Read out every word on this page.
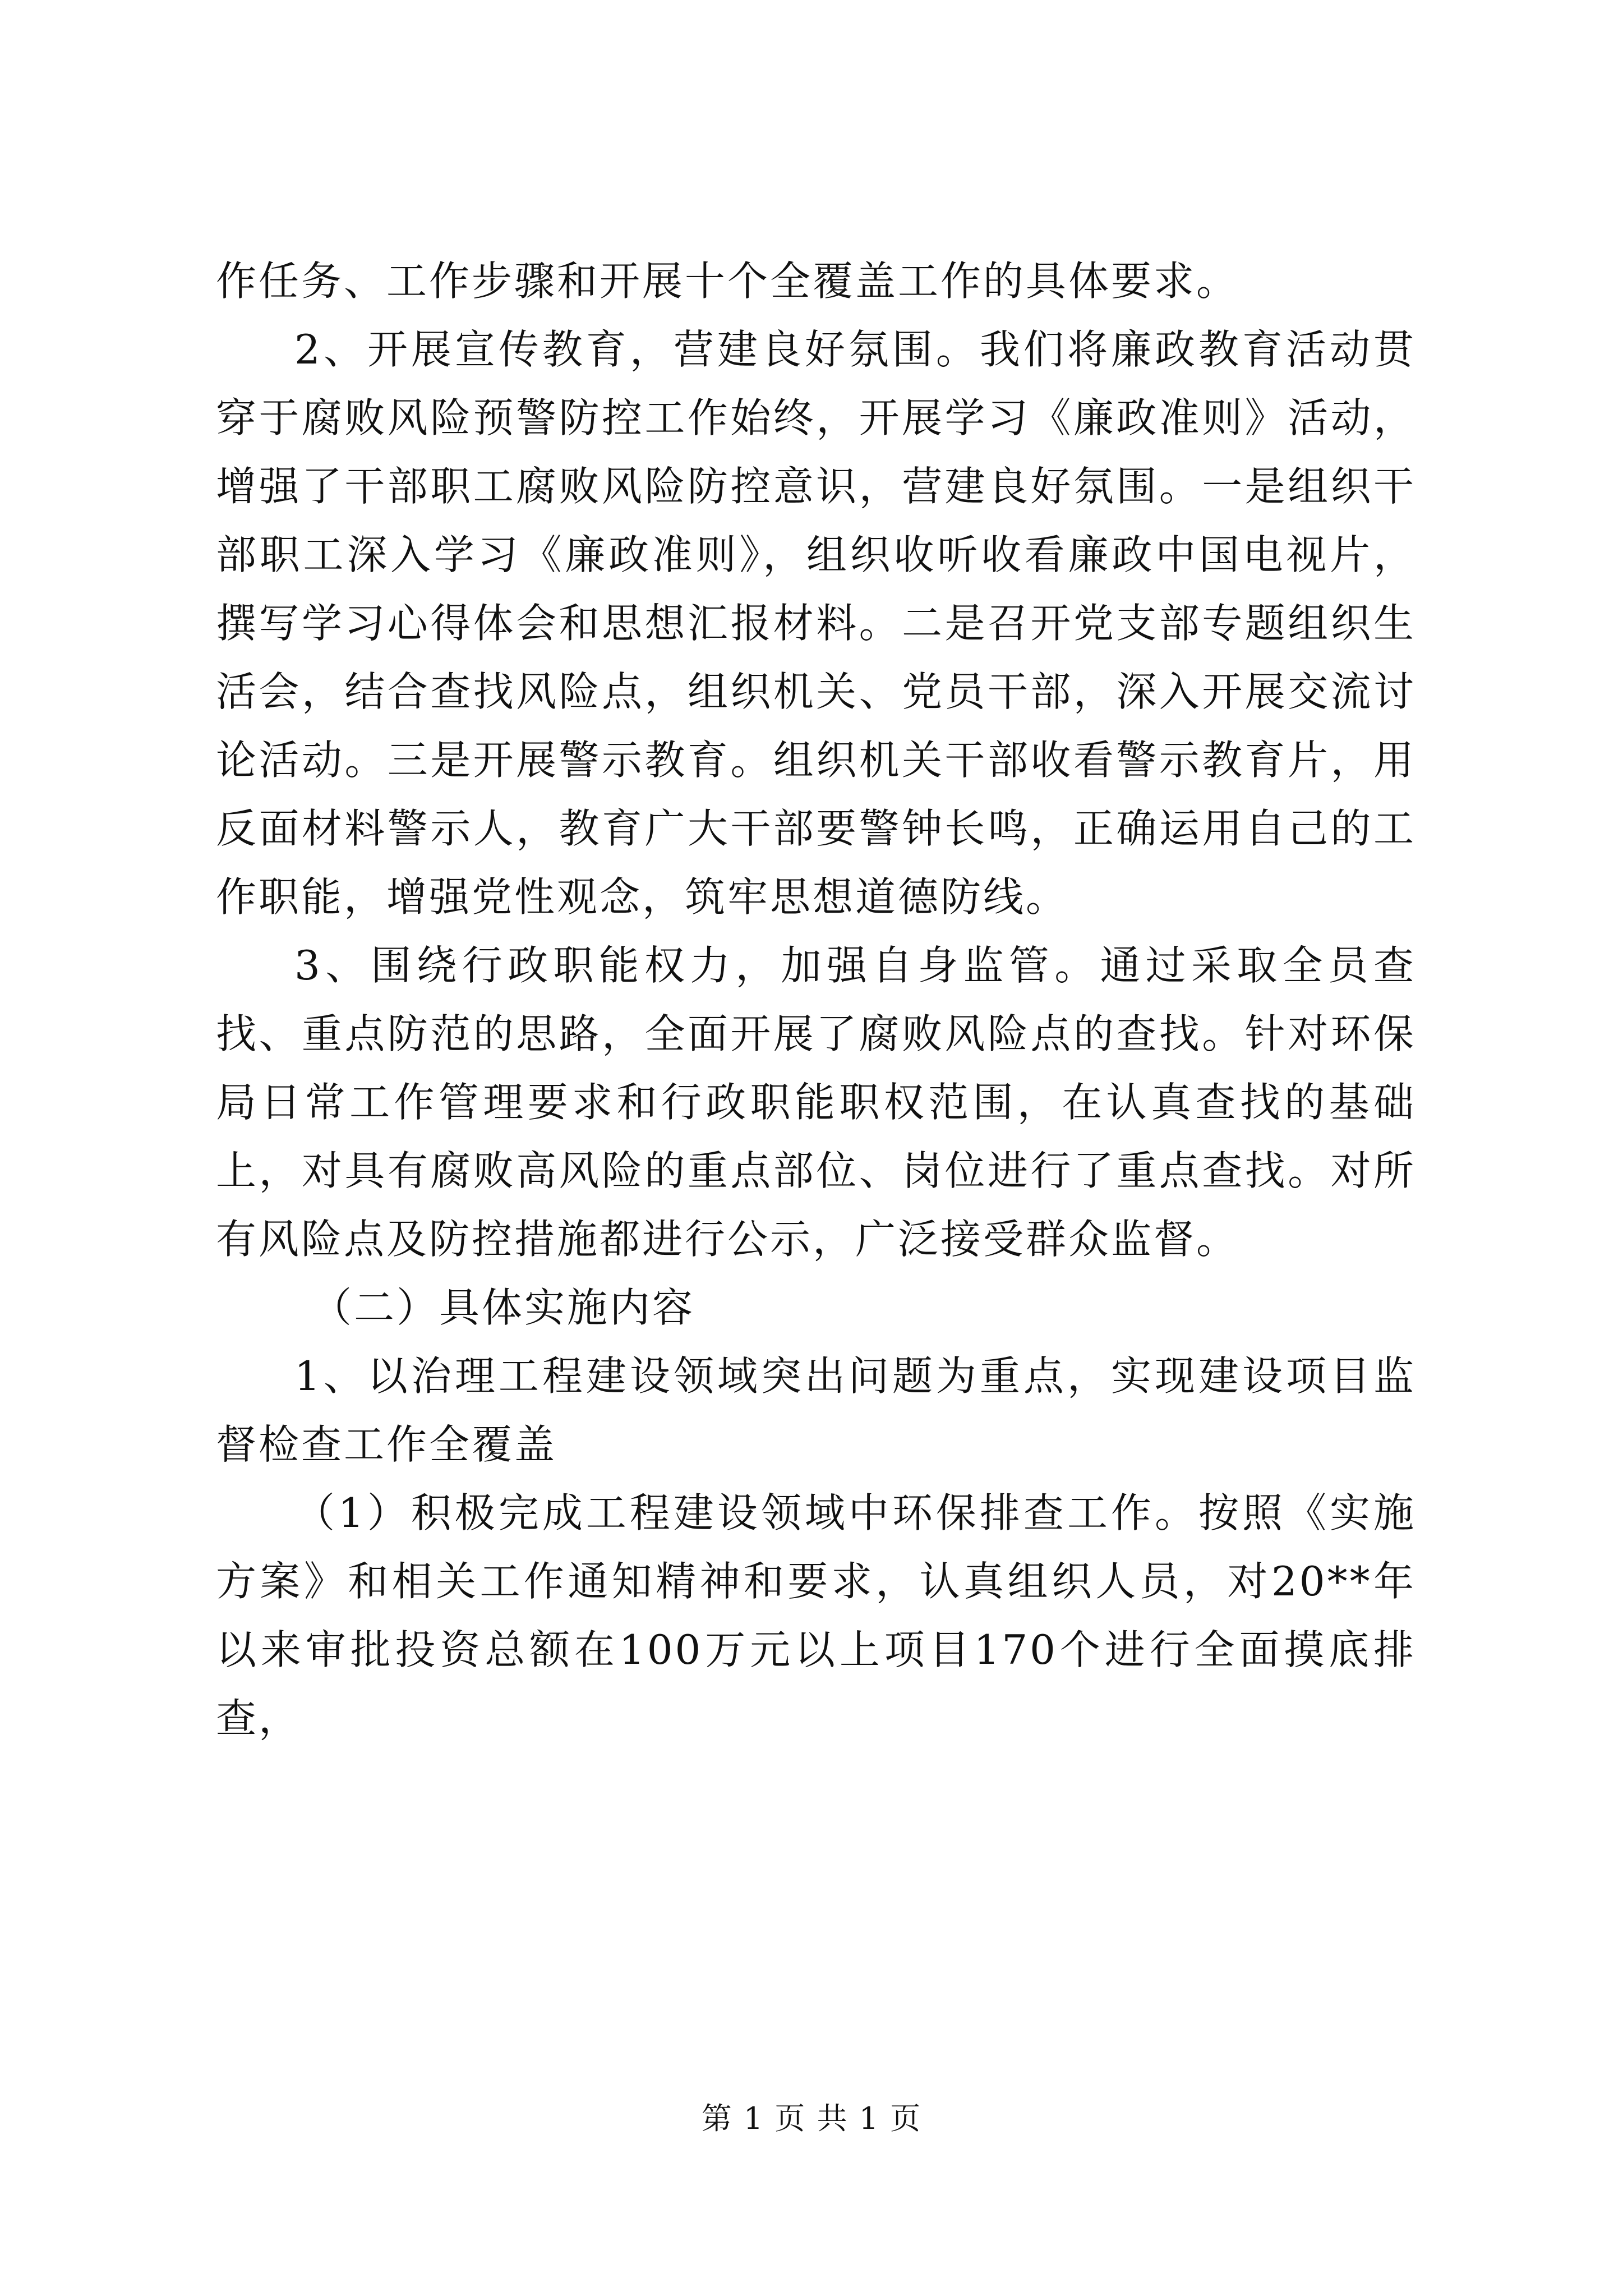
作任务、工作步骤和开展十个全覆盖工作的具体要求。

2、开展宣传教育，营建良好氛围。我们将廉政教育活动贯穿于腐败风险预警防控工作始终，开展学习《廉政准则》活动，增强了干部职工腐败风险防控意识，营建良好氛围。一是组织干部职工深入学习《廉政准则》，组织收听收看廉政中国电视片，撰写学习心得体会和思想汇报材料。二是召开党支部专题组织生活会，结合查找风险点，组织机关、党员干部，深入开展交流讨论活动。三是开展警示教育。组织机关干部收看警示教育片，用反面材料警示人，教育广大干部要警钟长鸣，正确运用自己的工作职能，增强党性观念，筑牢思想道德防线。

3、围绕行政职能权力，加强自身监管。通过采取全员查找、重点防范的思路，全面开展了腐败风险点的查找。针对环保局日常工作管理要求和行政职能职权范围，在认真查找的基础上，对具有腐败高风险的重点部位、岗位进行了重点查找。对所有风险点及防控措施都进行公示，广泛接受群众监督。

（二）具体实施内容

1、以治理工程建设领域突出问题为重点，实现建设项目监督检查工作全覆盖

（1）积极完成工程建设领域中环保排查工作。按照《实施方案》和相关工作通知精神和要求，认真组织人员，对20**年以来审批投资总额在100万元以上项目170个进行全面摸底排查，

第 1 页 共 1 页
